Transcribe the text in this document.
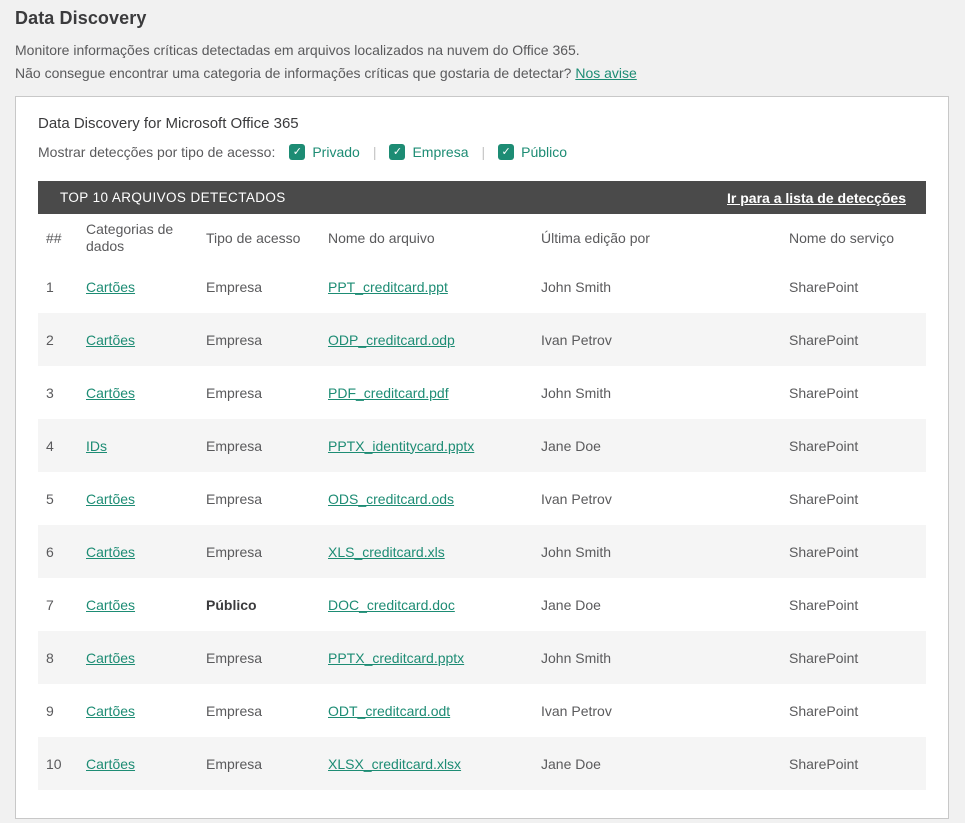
Data Discovery
Monitore informações críticas detectadas em arquivos localizados na nuvem do Office 365.
Não consegue encontrar uma categoria de informações críticas que gostaria de detectar? Nos avise
Data Discovery for Microsoft Office 365
Mostrar detecções por tipo de acesso:	✓ Privado |	✓ Empresa |	✓ Público
TOP 10 ARQUIVOS DETECTADOS	Ir para a lista de detecções
##	Categorias de dados	Tipo de acesso	Nome do arquivo	Última edição por	Nome do serviço
1	Cartões	Empresa	PPT_creditcard.ppt	John Smith	SharePoint
2	Cartões	Empresa	ODP_creditcard.odp	Ivan Petrov	SharePoint
3	Cartões	Empresa	PDF_creditcard.pdf	John Smith	SharePoint
4	IDs	Empresa	PPTX_identitycard.pptx	Jane Doe	SharePoint
5	Cartões	Empresa	ODS_creditcard.ods	Ivan Petrov	SharePoint
6	Cartões	Empresa	XLS_creditcard.xls	John Smith	SharePoint
7	Cartões	Público	DOC_creditcard.doc	Jane Doe	SharePoint
8	Cartões	Empresa	PPTX_creditcard.pptx	John Smith	SharePoint
9	Cartões	Empresa	ODT_creditcard.odt	Ivan Petrov	SharePoint
10	Cartões	Empresa	XLSX_creditcard.xlsx	Jane Doe	SharePoint
